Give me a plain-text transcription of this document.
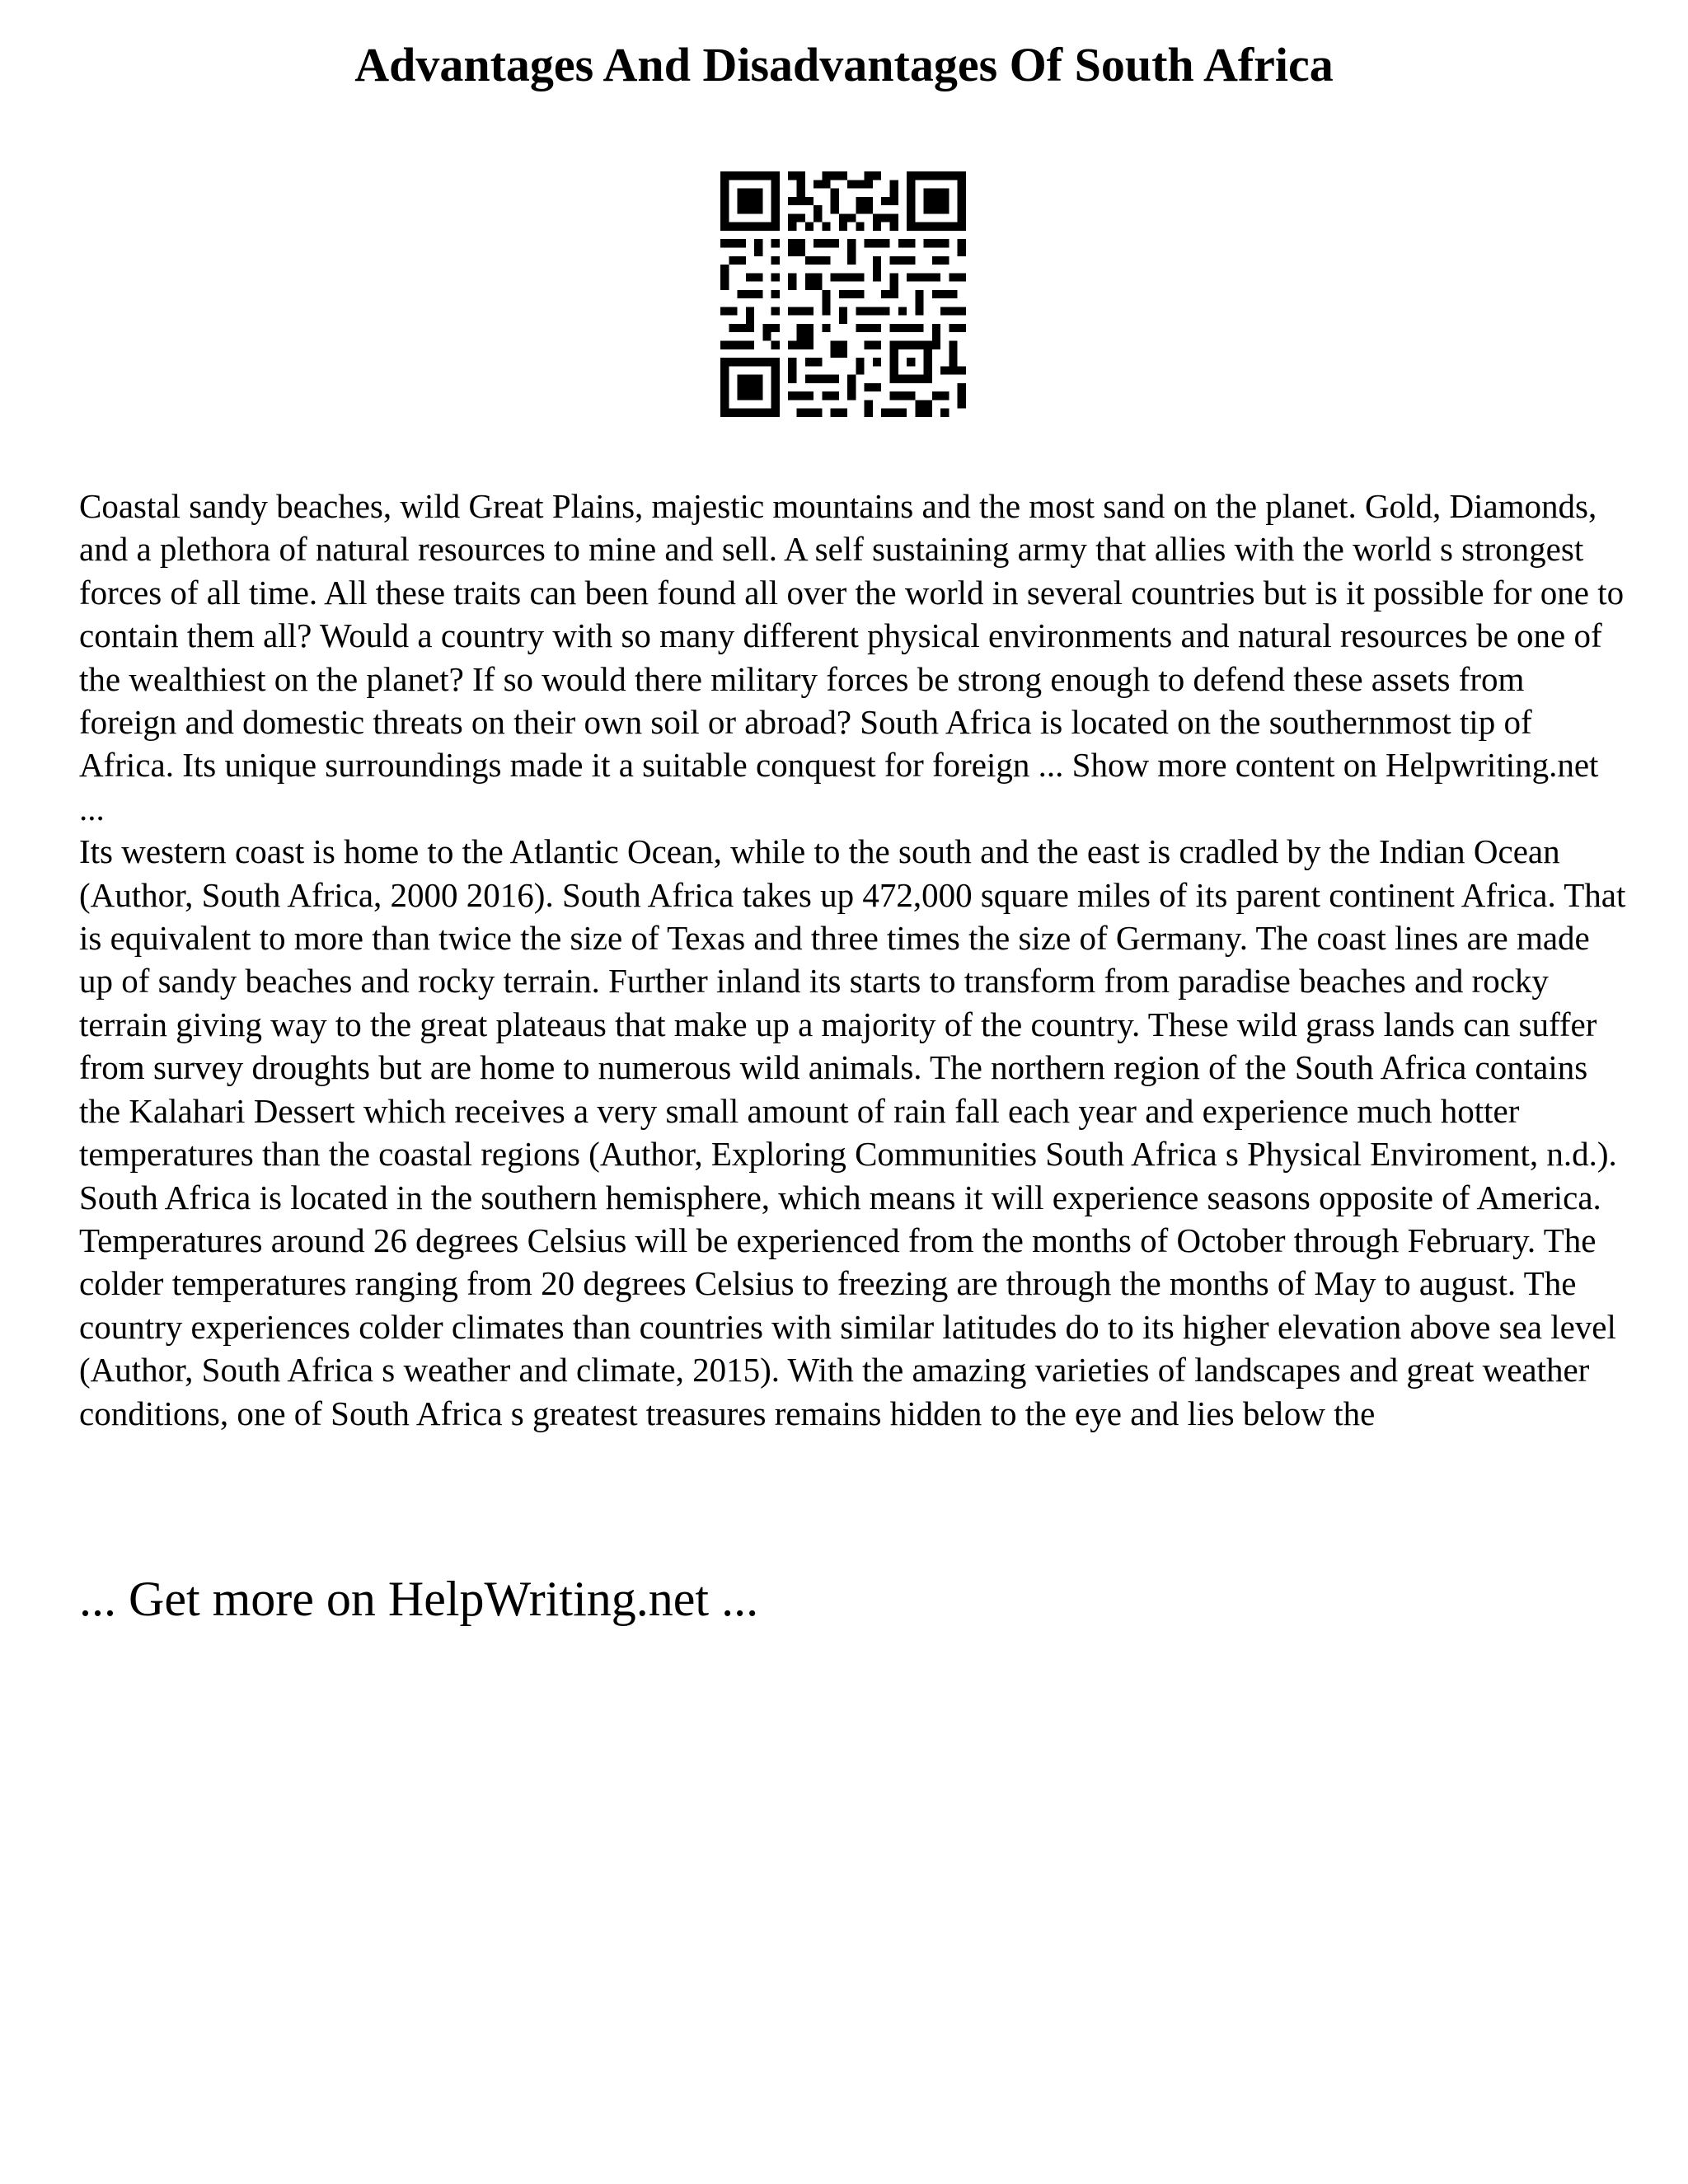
Advantages And Disadvantages Of South Africa

Coastal sandy beaches, wild Great Plains, majestic mountains and the most sand on the planet. Gold, Diamonds, and a plethora of natural resources to mine and sell. A self sustaining army that allies with the world s strongest forces of all time. All these traits can been found all over the world in several countries but is it possible for one to contain them all? Would a country with so many different physical environments and natural resources be one of the wealthiest on the planet? If so would there military forces be strong enough to defend these assets from foreign and domestic threats on their own soil or abroad? South Africa is located on the southernmost tip of Africa. Its unique surroundings made it a suitable conquest for foreign ... Show more content on Helpwriting.net ...

Its western coast is home to the Atlantic Ocean, while to the south and the east is cradled by the Indian Ocean (Author, South Africa, 2000 2016). South Africa takes up 472,000 square miles of its parent continent Africa. That is equivalent to more than twice the size of Texas and three times the size of Germany. The coast lines are made up of sandy beaches and rocky terrain. Further inland its starts to transform from paradise beaches and rocky terrain giving way to the great plateaus that make up a majority of the country. These wild grass lands can suffer from survey droughts but are home to numerous wild animals. The northern region of the South Africa contains the Kalahari Dessert which receives a very small amount of rain fall each year and experience much hotter temperatures than the coastal regions (Author, Exploring Communities South Africa s Physical Enviroment, n.d.). South Africa is located in the southern hemisphere, which means it will experience seasons opposite of America. Temperatures around 26 degrees Celsius will be experienced from the months of October through February. The colder temperatures ranging from 20 degrees Celsius to freezing are through the months of May to august. The country experiences colder climates than countries with similar latitudes do to its higher elevation above sea level (Author, South Africa s weather and climate, 2015). With the amazing varieties of landscapes and great weather conditions, one of South Africa s greatest treasures remains hidden to the eye and lies below the

... Get more on HelpWriting.net ...
